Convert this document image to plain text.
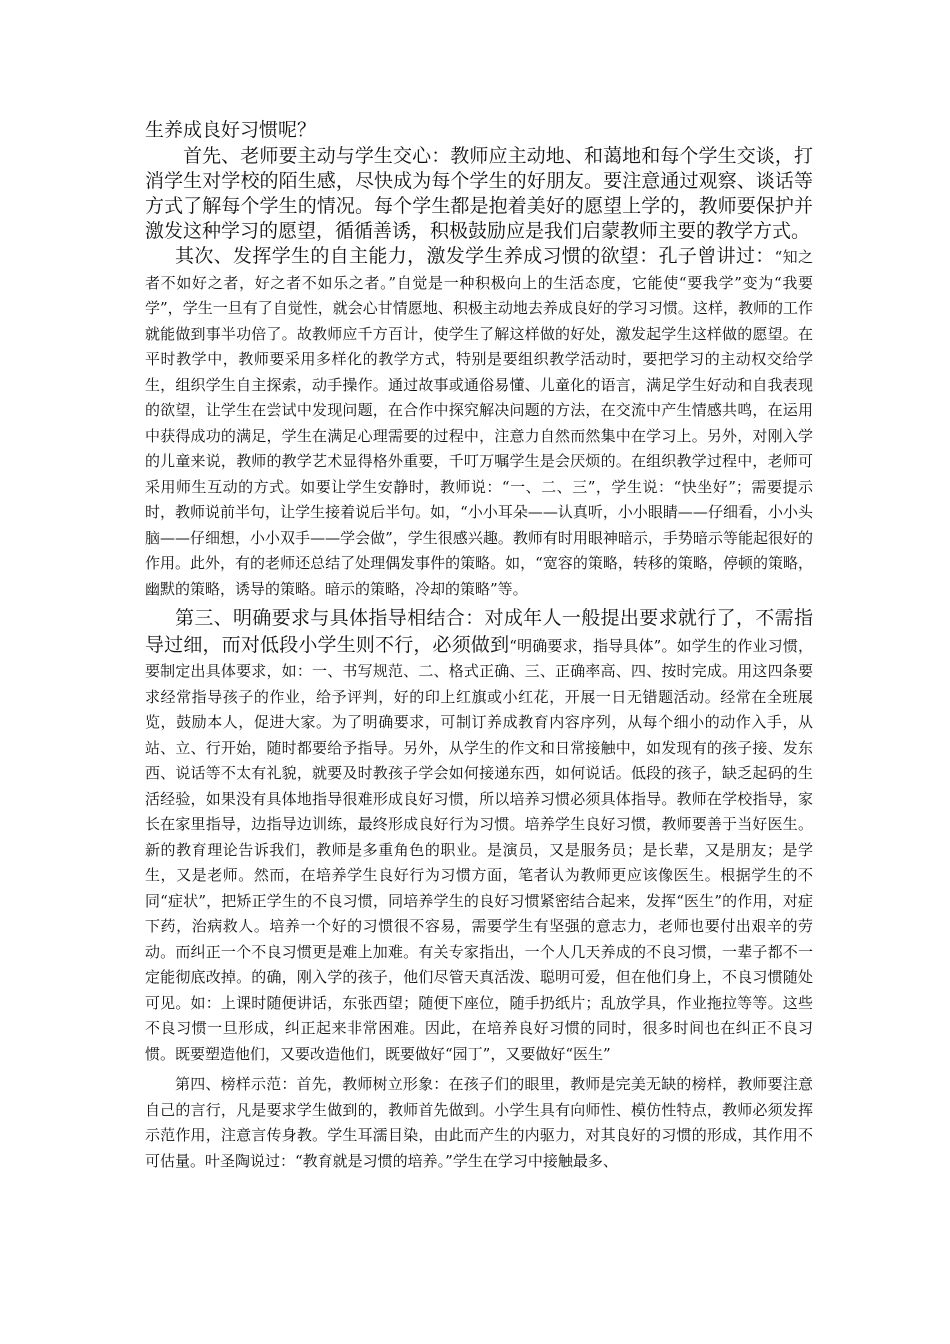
生养成良好习惯呢？

首先、老师要主动与学生交心：教师应主动地、和蔼地和每个学生交谈，打消学生对学校的陌生感，尽快成为每个学生的好朋友。要注意通过观察、谈话等方式了解每个学生的情况。每个学生都是抱着美好的愿望上学的，教师要保护并激发这种学习的愿望，循循善诱，积极鼓励应是我们启蒙教师主要的教学方式。

其次、发挥学生的自主能力，激发学生养成习惯的欲望：孔子曾讲过：“知之者不如好之者，好之者不如乐之者。”自觉是一种积极向上的生活态度，它能使“要我学”变为“我要学”，学生一旦有了自觉性，就会心甘情愿地、积极主动地去养成良好的学习习惯。这样，教师的工作就能做到事半功倍了。故教师应千方百计，使学生了解这样做的好处，激发起学生这样做的愿望。在平时教学中，教师要采用多样化的教学方式，特别是要组织教学活动时，要把学习的主动权交给学生，组织学生自主探索，动手操作。通过故事或通俗易懂、儿童化的语言，满足学生好动和自我表现的欲望，让学生在尝试中发现问题，在合作中探究解决问题的方法，在交流中产生情感共鸣，在运用中获得成功的满足，学生在满足心理需要的过程中，注意力自然而然集中在学习上。另外，对刚入学的儿童来说，教师的教学艺术显得格外重要，千叮万嘱学生是会厌烦的。在组织教学过程中，老师可采用师生互动的方式。如要让学生安静时，教师说：“一、二、三”，学生说：“快坐好”；需要提示时，教师说前半句，让学生接着说后半句。如，“小小耳朵——认真听，小小眼睛——仔细看，小小头脑——仔细想，小小双手——学会做”，学生很感兴趣。教师有时用眼神暗示，手势暗示等能起很好的作用。此外，有的老师还总结了处理偶发事件的策略。如，“宽容的策略，转移的策略，停顿的策略，幽默的策略，诱导的策略。暗示的策略，冷却的策略”等。

第三、明确要求与具体指导相结合：对成年人一般提出要求就行了，不需指导过细，而对低段小学生则不行，必须做到“明确要求，指导具体”。如学生的作业习惯，要制定出具体要求，如：一、书写规范、二、格式正确、三、正确率高、四、按时完成。用这四条要求经常指导孩子的作业，给予评判，好的印上红旗或小红花，开展一日无错题活动。经常在全班展览，鼓励本人，促进大家。为了明确要求，可制订养成教育内容序列，从每个细小的动作入手，从站、立、行开始，随时都要给予指导。另外，从学生的作文和日常接触中，如发现有的孩子接、发东西、说话等不太有礼貌，就要及时教孩子学会如何接递东西，如何说话。低段的孩子，缺乏起码的生活经验，如果没有具体地指导很难形成良好习惯，所以培养习惯必须具体指导。教师在学校指导，家长在家里指导，边指导边训练，最终形成良好行为习惯。培养学生良好习惯，教师要善于当好医生。新的教育理论告诉我们，教师是多重角色的职业。是演员，又是服务员；是长辈，又是朋友；是学生，又是老师。然而，在培养学生良好行为习惯方面，笔者认为教师更应该像医生。根据学生的不同“症状”，把矫正学生的不良习惯，同培养学生的良好习惯紧密结合起来，发挥“医生”的作用，对症下药，治病救人。培养一个好的习惯很不容易，需要学生有坚强的意志力，老师也要付出艰辛的劳动。而纠正一个不良习惯更是难上加难。有关专家指出，一个人几天养成的不良习惯，一辈子都不一定能彻底改掉。的确，刚入学的孩子，他们尽管天真活泼、聪明可爱，但在他们身上，不良习惯随处可见。如：上课时随便讲话，东张西望；随便下座位，随手扔纸片；乱放学具，作业拖拉等等。这些不良习惯一旦形成，纠正起来非常困难。因此，在培养良好习惯的同时，很多时间也在纠正不良习惯。既要塑造他们，又要改造他们，既要做好“园丁”，又要做好“医生”

第四、榜样示范：首先，教师树立形象：在孩子们的眼里，教师是完美无缺的榜样，教师要注意自己的言行，凡是要求学生做到的，教师首先做到。小学生具有向师性、模仿性特点，教师必须发挥示范作用，注意言传身教。学生耳濡目染，由此而产生的内驱力，对其良好的习惯的形成，其作用不可估量。叶圣陶说过：“教育就是习惯的培养。”学生在学习中接触最多、
